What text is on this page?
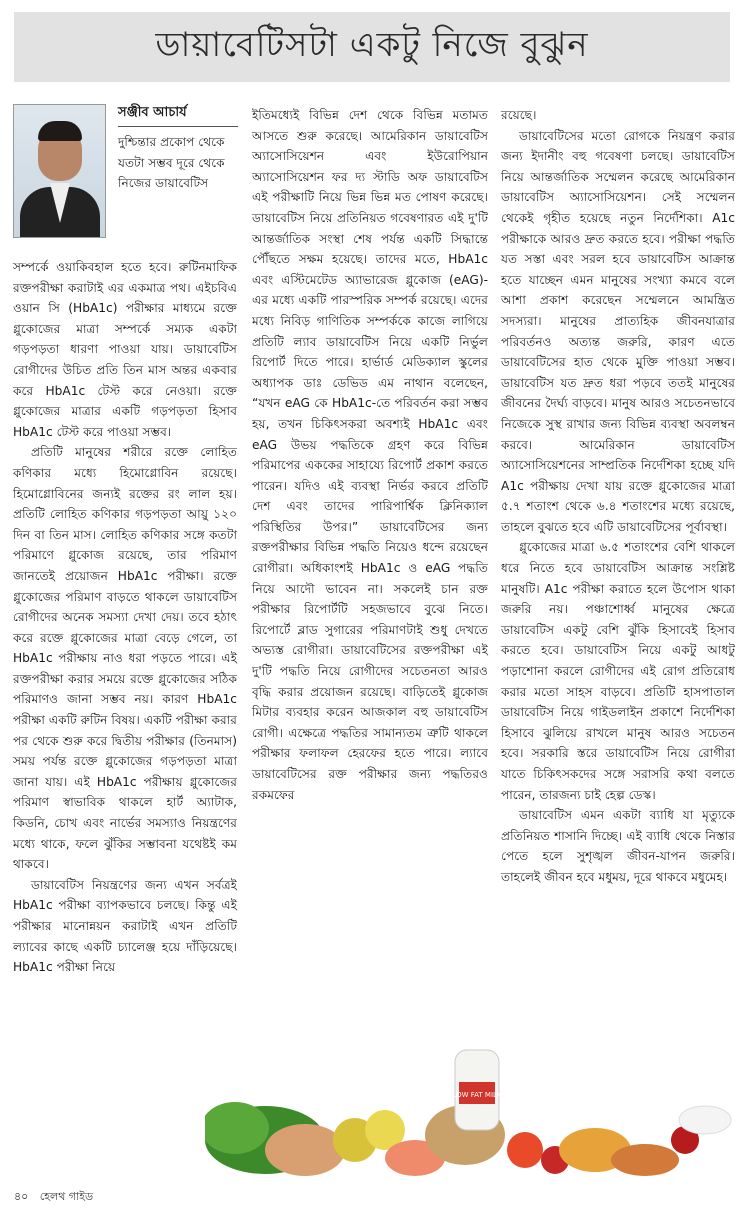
ডায়াবেটিসটা একটু নিজে বুঝুন
সঞ্জীব আচার্য
দুশ্চিন্তার প্রকোপ থেকে যতটা সম্ভব দূরে থেকে নিজের ডায়াবেটিস

সম্পর্কে ওয়াকিবহাল হতে হবে। রুটিনমাফিক রক্তপরীক্ষা করাটাই এর একমাত্র পথ। এইচবিএ ওয়ান সি (HbA1c) পরীক্ষার মাধ্যমে রক্তে গ্লুকোজের মাত্রা সম্পর্কে সম্যক একটা গড়পড়তা ধারণা পাওয়া যায়। ডায়াবেটিস রোগীদের উচিত প্রতি তিন মাস অন্তর একবার করে HbA1c টেস্ট করে নেওয়া। রক্তে গ্লুকোজের মাত্রার একটি গড়পড়তা হিসাব HbA1c টেস্ট করে পাওয়া সম্ভব।

প্রতিটি মানুষের শরীরে রক্তে লোহিত কণিকার মধ্যে হিমোগ্লোবিন রয়েছে। হিমোগ্লোবিনের জন্যই রক্তের রং লাল হয়। প্রতিটি লোহিত কণিকার গড়পড়তা আয়ু ১২০ দিন বা তিন মাস। লোহিত কণিকার সঙ্গে কতটা পরিমাণে গ্লুকোজ রয়েছে, তার পরিমাণ জানতেই প্রয়োজন HbA1c পরীক্ষা। রক্তে গ্লুকোজের পরিমাণ বাড়তে থাকলে ডায়াবেটিস রোগীদের অনেক সমস্যা দেখা দেয়। তবে হঠাৎ করে রক্তে গ্লুকোজের মাত্রা বেড়ে গেলে, তা HbA1c পরীক্ষায় নাও ধরা পড়তে পারে। এই রক্তপরীক্ষা করার সময়ে রক্তে গ্লুকোজের সঠিক পরিমাণও জানা সম্ভব নয়। কারণ HbA1c পরীক্ষা একটি রুটিন বিষয়। একটি পরীক্ষা করার পর থেকে শুরু করে দ্বিতীয় পরীক্ষার (তিনমাস) সময় পর্যন্ত রক্তে গ্লুকোজের গড়পড়তা মাত্রা জানা যায়। এই HbA1c পরীক্ষায় গ্লুকোজের পরিমাণ স্বাভাবিক থাকলে হার্ট অ্যাটাক, কিডনি, চোখ এবং নার্ভের সমস্যাও নিয়ন্ত্রণের মধ্যে থাকে, ফলে ঝুঁকির সম্ভাবনা যথেষ্টই কম থাকবে।

ডায়াবেটিস নিয়ন্ত্রণের জন্য এখন সর্বত্রই HbA1c পরীক্ষা ব্যাপকভাবে চলছে। কিন্তু এই পরীক্ষার মানোন্নয়ন করাটাই এখন প্রতিটি ল্যাবের কাছে একটি চ্যালেঞ্জ হয়ে দাঁড়িয়েছে। HbA1c পরীক্ষা নিয়ে

ইতিমধ্যেই বিভিন্ন দেশ থেকে বিভিন্ন মতামত আসতে শুরু করেছে। আমেরিকান ডায়াবেটিস অ্যাসোসিয়েশন এবং ইউরোপিয়ান অ্যাসোসিয়েশন ফর দ্য স্টাডি অফ ডায়াবেটিস এই পরীক্ষাটি নিয়ে ভিন্ন ভিন্ন মত পোষণ করেছে। ডায়াবেটিস নিয়ে প্রতিনিয়ত গবেষণারত এই দু'টি আন্তর্জাতিক সংস্থা শেষ পর্যন্ত একটি সিদ্ধান্তে পৌঁছতে সক্ষম হয়েছে। তাদের মতে, HbA1c এবং এস্টিমেটেড অ্যাভারেজ গ্লুকোজ (eAG)-এর মধ্যে একটি পারস্পরিক সম্পর্ক রয়েছে। এদের মধ্যে নিবিড় গাণিতিক সম্পর্ককে কাজে লাগিয়ে প্রতিটি ল্যাব ডায়াবেটিস নিয়ে একটি নির্ভুল রিপোর্ট দিতে পারে। হার্ভার্ড মেডিক্যাল স্কুলের অধ্যাপক ডাঃ ডেভিড এম নাথান বলেছেন, “যখন eAG কে HbA1c-তে পরিবর্তন করা সম্ভব হয়, তখন চিকিৎসকরা অবশ্যই HbA1c এবং eAG উভয় পদ্ধতিকে গ্রহণ করে বিভিন্ন পরিমাপের এককের সাহায্যে রিপোর্ট প্রকাশ করতে পারেন। যদিও এই ব্যবস্থা নির্ভর করবে প্রতিটি দেশ এবং তাদের পারিপার্শ্বিক ক্লিনিক্যাল পরিস্থিতির উপর।” ডায়াবেটিসের জন্য রক্তপরীক্ষার বিভিন্ন পদ্ধতি নিয়েও ধন্দে রয়েছেন রোগীরা। অধিকাংশই HbA1c ও eAG পদ্ধতি নিয়ে আদৌ ভাবেন না। সকলেই চান রক্ত পরীক্ষার রিপোর্টটি সহজভাবে বুঝে নিতে। রিপোর্টে ব্লাড সুগারের পরিমাণটাই শুধু দেখতে অভ্যস্ত রোগীরা। ডায়াবেটিসের রক্তপরীক্ষা এই দু'টি পদ্ধতি নিয়ে রোগীদের সচেতনতা আরও বৃদ্ধি করার প্রয়োজন রয়েছে। বাড়িতেই গ্লুকোজ মিটার ব্যবহার করেন আজকাল বহু ডায়াবেটিস রোগী। এক্ষেত্রে পদ্ধতির সামান্যতম ত্রুটি থাকলে পরীক্ষার ফলাফল হেরফের হতে পারে। ল্যাবে ডায়াবেটিসের রক্ত পরীক্ষার জন্য পদ্ধতিরও রকমফের

রয়েছে।

ডায়াবেটিসের মতো রোগকে নিয়ন্ত্রণ করার জন্য ইদানীং বহু গবেষণা চলছে। ডায়াবেটিস নিয়ে আন্তর্জাতিক সম্মেলন করেছে আমেরিকান ডায়াবেটিস অ্যাসোসিয়েশন। সেই সম্মেলন থেকেই গৃহীত হয়েছে নতুন নির্দেশিকা। A1c পরীক্ষাকে আরও দ্রুত করতে হবে। পরীক্ষা পদ্ধতি যত সস্তা এবং সরল হবে ডায়াবেটিস আক্রান্ত হতে যাচ্ছেন এমন মানুষের সংখ্যা কমবে বলে আশা প্রকাশ করেছেন সম্মেলনে আমন্ত্রিত সদস্যরা। মানুষের প্রাত্যহিক জীবনযাত্রার পরিবর্তনও অত্যন্ত জরুরি, কারণ এতে ডায়াবেটিসের হাত থেকে মুক্তি পাওয়া সম্ভব। ডায়াবেটিস যত দ্রুত ধরা পড়বে ততই মানুষের জীবনের দৈর্ঘ্য বাড়বে। মানুষ আরও সচেতনভাবে নিজেকে সুস্থ রাখার জন্য বিভিন্ন ব্যবস্থা অবলম্বন করবে। আমেরিকান ডায়াবেটিস অ্যাসোসিয়েশনের সাম্প্রতিক নির্দেশিকা হচ্ছে যদি A1c পরীক্ষায় দেখা যায় রক্তে গ্লুকোজের মাত্রা ৫.৭ শতাংশ থেকে ৬.৪ শতাংশের মধ্যে রয়েছে, তাহলে বুঝতে হবে এটি ডায়াবেটিসের পূর্বাবস্থা।

গ্লুকোজের মাত্রা ৬.৫ শতাংশের বেশি থাকলে ধরে নিতে হবে ডায়াবেটিস আক্রান্ত সংশ্লিষ্ট মানুষটি। A1c পরীক্ষা করাতে হলে উপোস থাকা জরুরি নয়। পঞ্চাশোর্ধ্ব মানুষের ক্ষেত্রে ডায়াবেটিস একটু বেশি ঝুঁকি হিসাবেই হিসাব করতে হবে। ডায়াবেটিস নিয়ে একটু আধটু পড়াশোনা করলে রোগীদের এই রোগ প্রতিরোধ করার মতো সাহস বাড়বে। প্রতিটি হাসপাতাল ডায়াবেটিস নিয়ে গাইডলাইন প্রকাশে নির্দেশিকা হিসাবে ঝুলিয়ে রাখলে মানুষ আরও সচেতন হবে। সরকারি স্তরে ডায়াবেটিস নিয়ে রোগীরা যাতে চিকিৎসকদের সঙ্গে সরাসরি কথা বলতে পারেন, তারজন্য চাই হেল্প ডেস্ক।

ডায়াবেটিস এমন একটা ব্যাধি যা মৃত্যুকে প্রতিনিয়ত শাসানি দিচ্ছে। এই ব্যাধি থেকে নিস্তার পেতে হলে সুশৃঙ্খল জীবন-যাপন জরুরি। তাহলেই জীবন হবে মধুময়, দূরে থাকবে মধুমেহ।

LOW FAT MILK
৪০ হেলথ গাইড
